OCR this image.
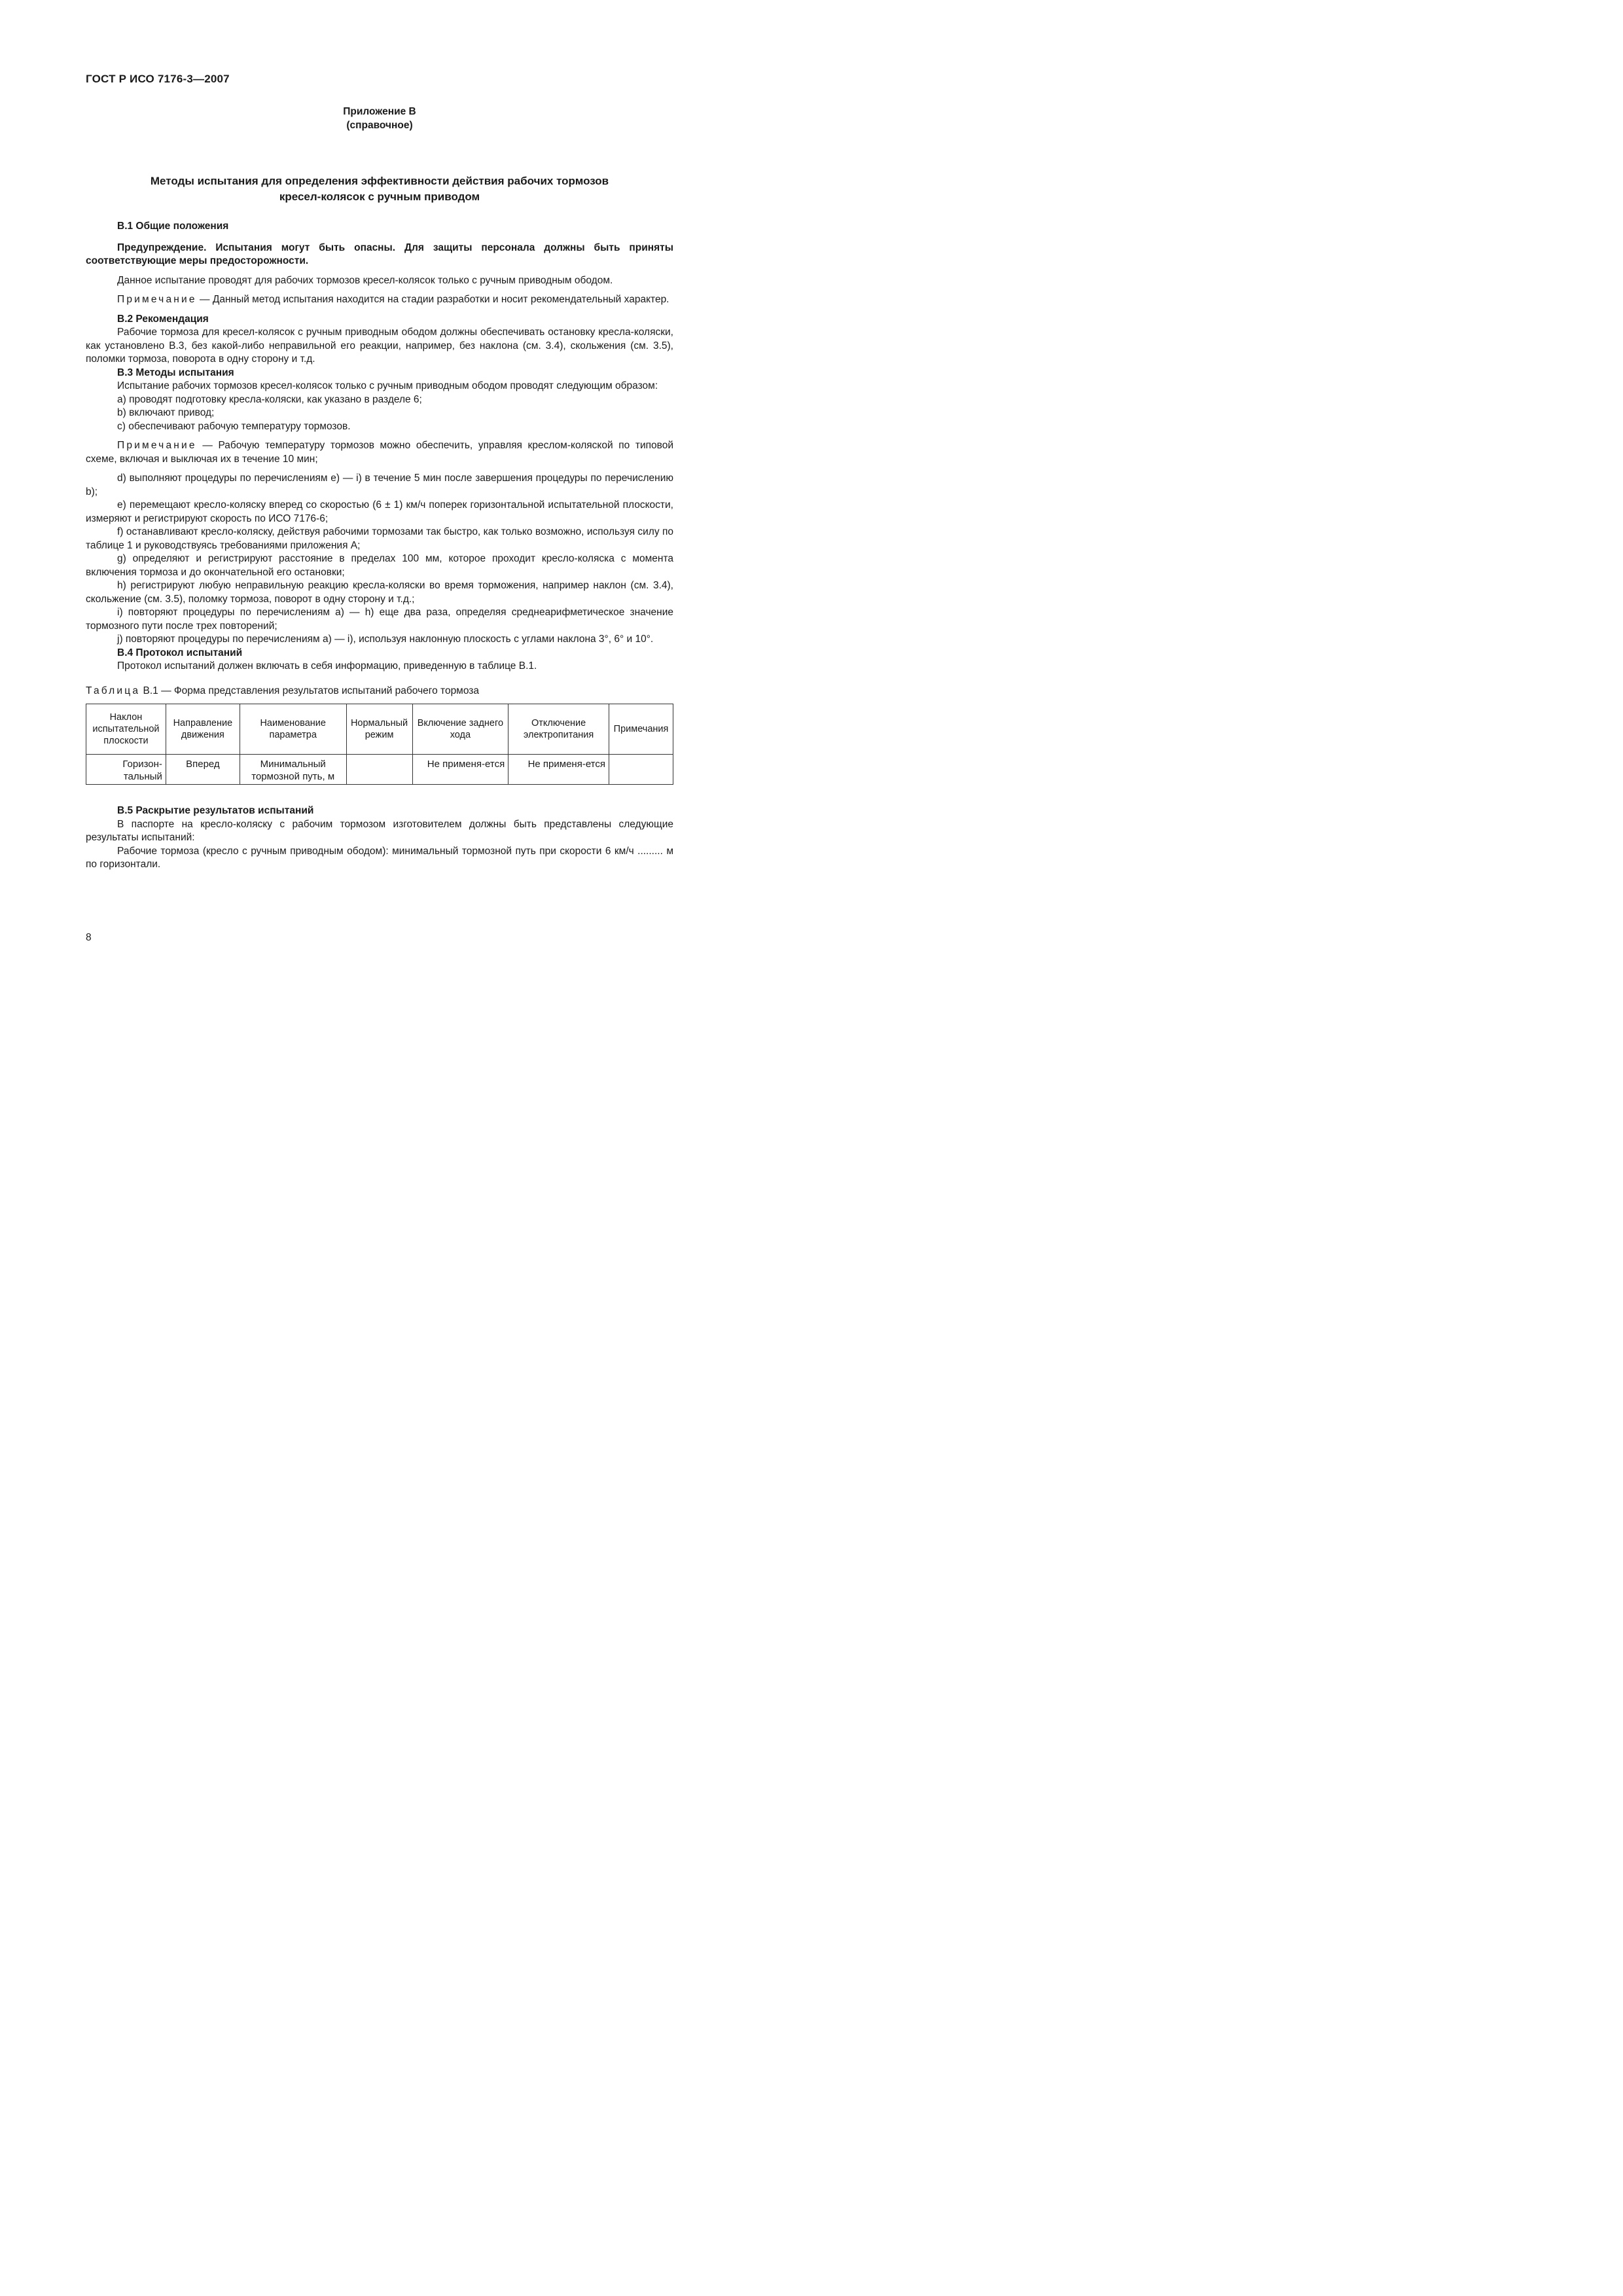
ГОСТ Р ИСО 7176-3—2007
Приложение В
(справочное)
Методы испытания для определения эффективности действия рабочих тормозов
кресел-колясок с ручным приводом

В.1 Общие положения

Предупреждение. Испытания могут быть опасны. Для защиты персонала должны быть приняты соответствующие меры предосторожности.

Данное испытание проводят для рабочих тормозов кресел-колясок только с ручным приводным ободом.

Примечание — Данный метод испытания находится на стадии разработки и носит рекомендательный характер.

В.2 Рекомендация

Рабочие тормоза для кресел-колясок с ручным приводным ободом должны обеспечивать остановку кресла-коляски, как установлено В.3, без какой-либо неправильной его реакции, например, без наклона (см. 3.4), скольжения (см. 3.5), поломки тормоза, поворота в одну сторону и т.д.

В.3 Методы испытания

Испытание рабочих тормозов кресел-колясок только с ручным приводным ободом проводят следующим образом:

a) проводят подготовку кресла-коляски, как указано в разделе 6;

b) включают привод;

c) обеспечивают рабочую температуру тормозов.

Примечание — Рабочую температуру тормозов можно обеспечить, управляя креслом-коляской по типовой схеме, включая и выключая их в течение 10 мин;

d) выполняют процедуры по перечислениям е) — i) в течение 5 мин после завершения процедуры по перечислению b);

e) перемещают кресло-коляску вперед со скоростью (6 ± 1) км/ч поперек горизонтальной испытательной плоскости, измеряют и регистрируют скорость по ИСО 7176-6;

f) останавливают кресло-коляску, действуя рабочими тормозами так быстро, как только возможно, используя силу по таблице 1 и руководствуясь требованиями приложения А;

g) определяют и регистрируют расстояние в пределах 100 мм, которое проходит кресло-коляска с момента включения тормоза и до окончательной его остановки;

h) регистрируют любую неправильную реакцию кресла-коляски во время торможения, например наклон (см. 3.4), скольжение (см. 3.5), поломку тормоза, поворот в одну сторону и т.д.;

i) повторяют процедуры по перечислениям а) — h) еще два раза, определяя среднеарифметическое значение тормозного пути после трех повторений;

j) повторяют процедуры по перечислениям а) — i), используя наклонную плоскость с углами наклона 3°, 6° и 10°.

В.4 Протокол испытаний

Протокол испытаний должен включать в себя информацию, приведенную в таблице В.1.

Таблица В.1 — Форма представления результатов испытаний рабочего тормоза

Наклон испытательной плоскости	Направление движения	Наименование параметра	Нормальный режим	Включение заднего хода	Отключение электропитания	Примечания
Горизон-тальный	Вперед	Минимальный тормозной путь, м		Не применя-ется	Не применя-ется	

В.5 Раскрытие результатов испытаний

В паспорте на кресло-коляску с рабочим тормозом изготовителем должны быть представлены следующие результаты испытаний:

Рабочие тормоза (кресло с ручным приводным ободом): минимальный тормозной путь при скорости 6 км/ч ......... м по горизонтали.

8
